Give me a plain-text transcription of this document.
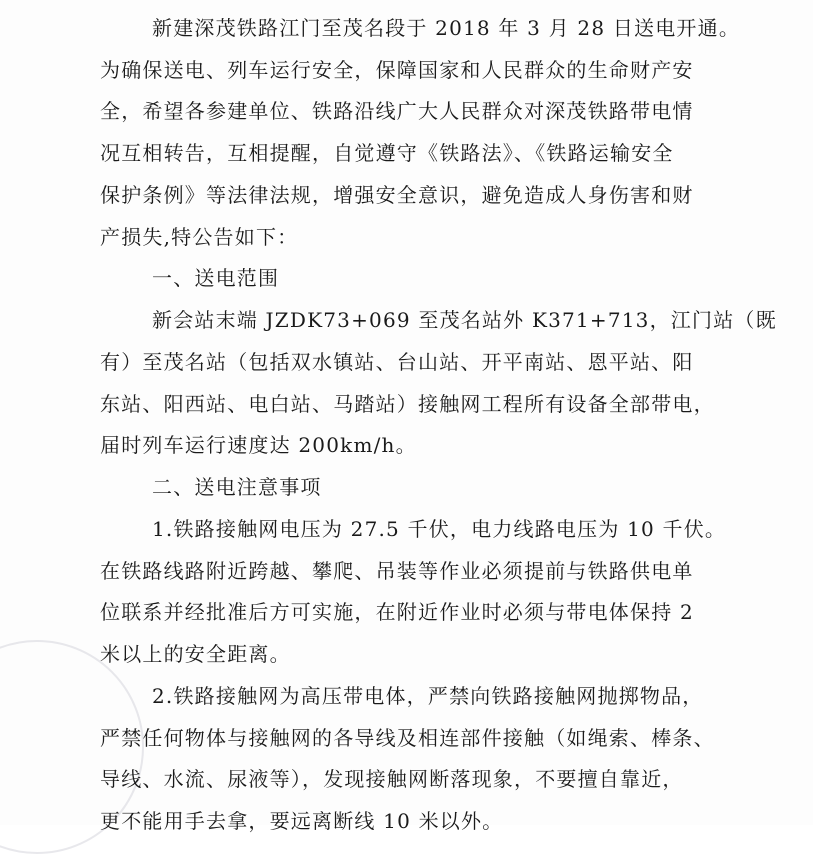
新建深茂铁路江门至茂名段于 2018 年 3 月 28 日送电开通。
为确保送电、列车运行安全，保障国家和人民群众的生命财产安
全，希望各参建单位、铁路沿线广大人民群众对深茂铁路带电情
况互相转告，互相提醒，自觉遵守《铁路法》、《铁路运输安全
保护条例》等法律法规，增强安全意识，避免造成人身伤害和财
产损失,特公告如下：
一、送电范围
新会站末端 JZDK73+069 至茂名站外 K371+713，江门站（既
有）至茂名站（包括双水镇站、台山站、开平南站、恩平站、阳
东站、阳西站、电白站、马踏站）接触网工程所有设备全部带电，
届时列车运行速度达 200km/h。
二、送电注意事项
1.铁路接触网电压为 27.5 千伏，电力线路电压为 10 千伏。
在铁路线路附近跨越、攀爬、吊装等作业必须提前与铁路供电单
位联系并经批准后方可实施，在附近作业时必须与带电体保持 2
米以上的安全距离。
2.铁路接触网为高压带电体，严禁向铁路接触网抛掷物品，
严禁任何物体与接触网的各导线及相连部件接触（如绳索、棒条、
导线、水流、尿液等），发现接触网断落现象，不要擅自靠近，
更不能用手去拿，要远离断线 10 米以外。
